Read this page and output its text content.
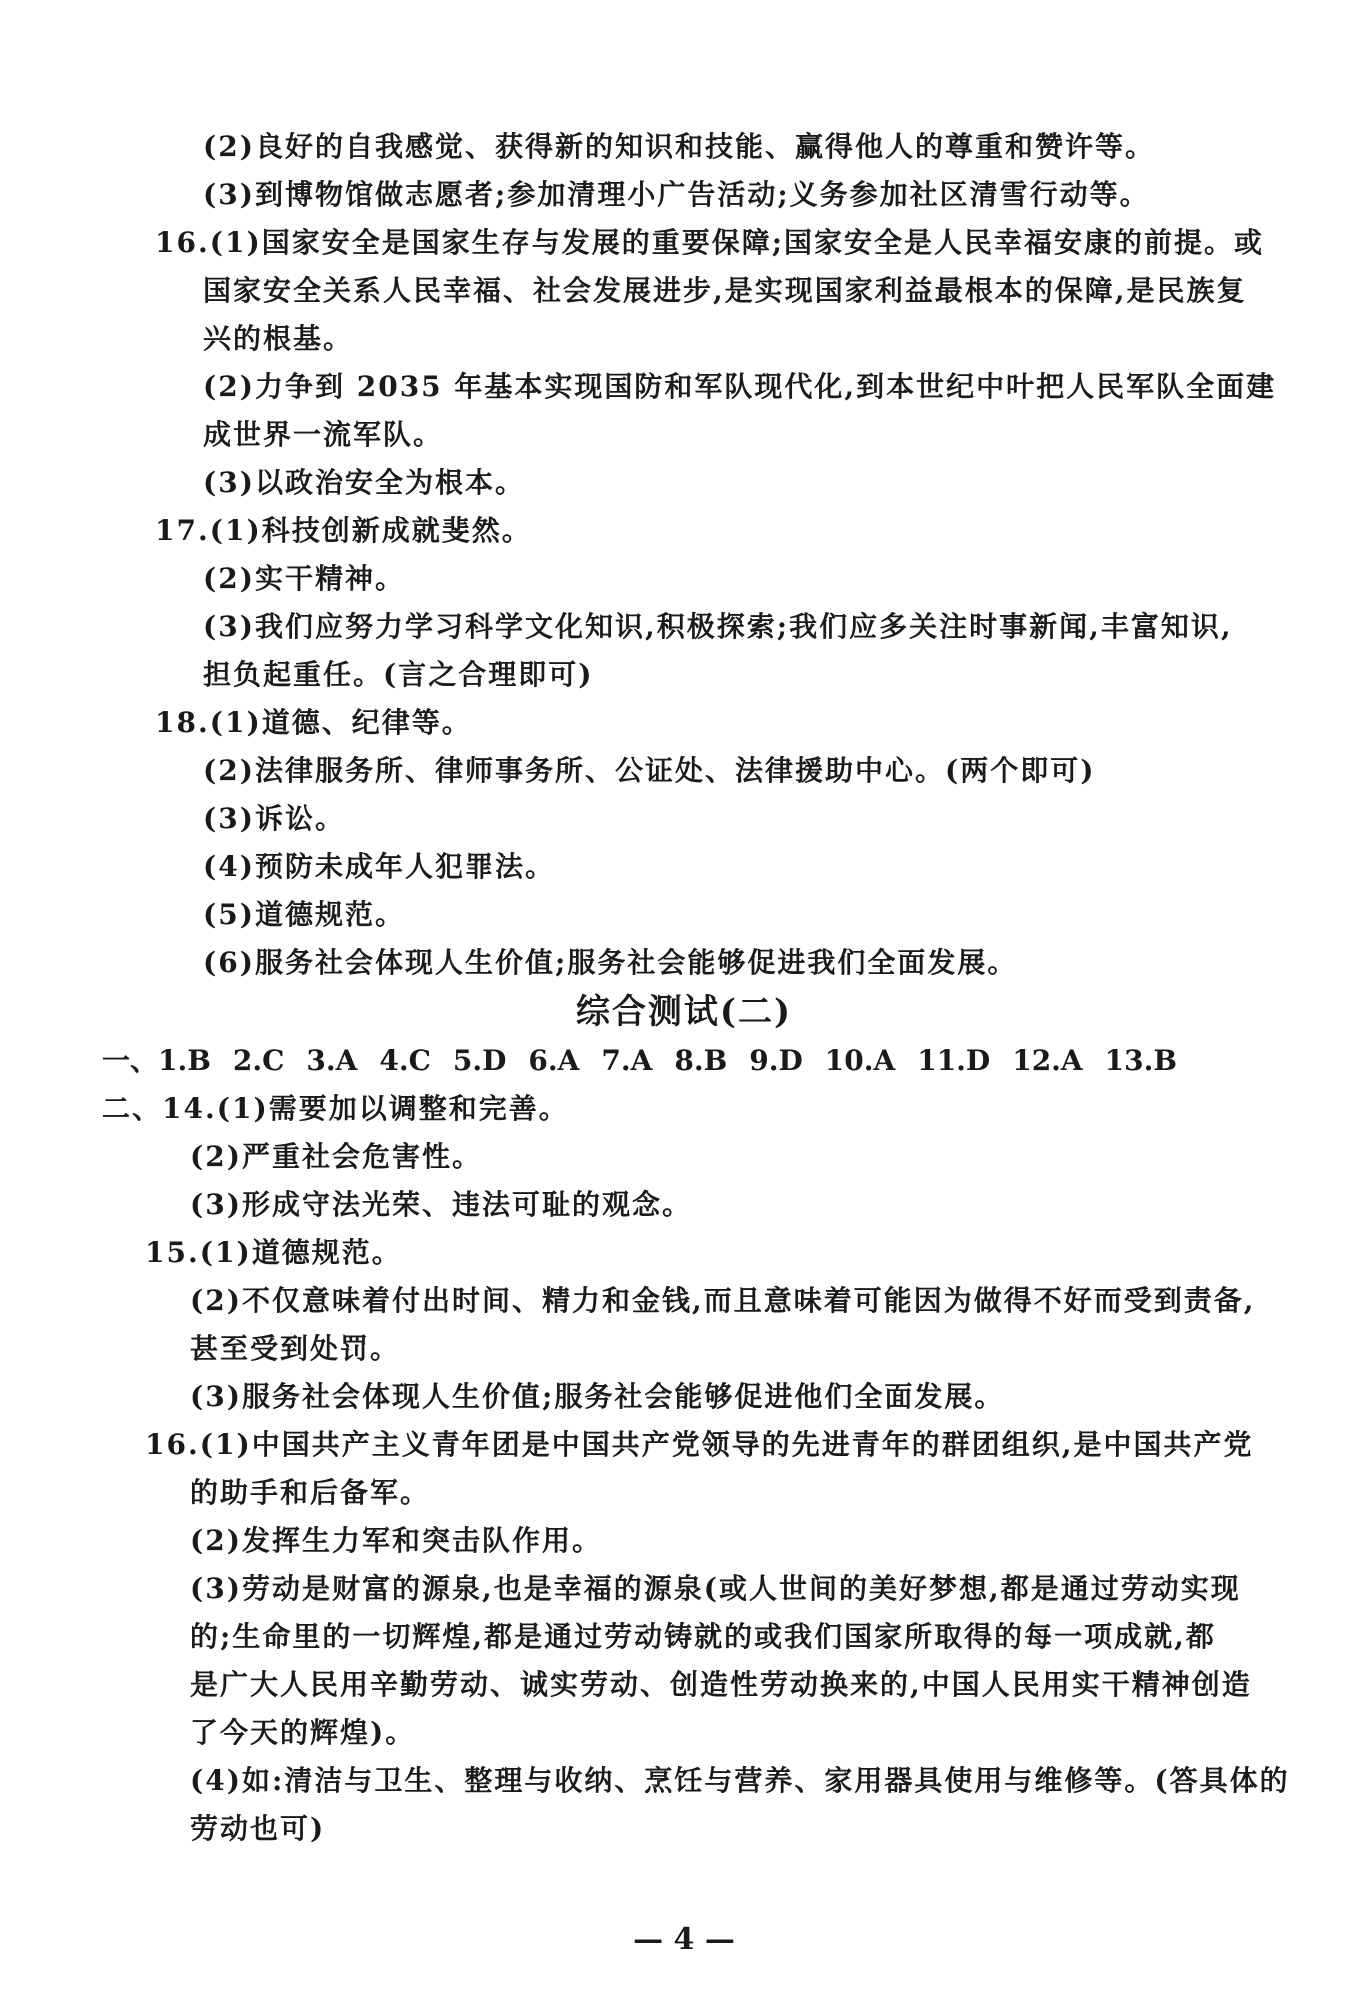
(2)良好的自我感觉、获得新的知识和技能、赢得他人的尊重和赞许等。
(3)到博物馆做志愿者;参加清理小广告活动;义务参加社区清雪行动等。
16.(1)国家安全是国家生存与发展的重要保障;国家安全是人民幸福安康的前提。或
国家安全关系人民幸福、社会发展进步,是实现国家利益最根本的保障,是民族复
兴的根基。
(2)力争到 2035 年基本实现国防和军队现代化,到本世纪中叶把人民军队全面建
成世界一流军队。
(3)以政治安全为根本。
17.(1)科技创新成就斐然。
(2)实干精神。
(3)我们应努力学习科学文化知识,积极探索;我们应多关注时事新闻,丰富知识,
担负起重任。(言之合理即可)
18.(1)道德、纪律等。
(2)法律服务所、律师事务所、公证处、法律援助中心。(两个即可)
(3)诉讼。
(4)预防未成年人犯罪法。
(5)道德规范。
(6)服务社会体现人生价值;服务社会能够促进我们全面发展。
综合测试(二)
一、1.B 2.C 3.A 4.C 5.D 6.A 7.A 8.B 9.D 10.A 11.D 12.A 13.B
二、14.(1)需要加以调整和完善。
(2)严重社会危害性。
(3)形成守法光荣、违法可耻的观念。
15.(1)道德规范。
(2)不仅意味着付出时间、精力和金钱,而且意味着可能因为做得不好而受到责备,
甚至受到处罚。
(3)服务社会体现人生价值;服务社会能够促进他们全面发展。
16.(1)中国共产主义青年团是中国共产党领导的先进青年的群团组织,是中国共产党
的助手和后备军。
(2)发挥生力军和突击队作用。
(3)劳动是财富的源泉,也是幸福的源泉(或人世间的美好梦想,都是通过劳动实现
的;生命里的一切辉煌,都是通过劳动铸就的或我们国家所取得的每一项成就,都
是广大人民用辛勤劳动、诚实劳动、创造性劳动换来的,中国人民用实干精神创造
了今天的辉煌)。
(4)如:清洁与卫生、整理与收纳、烹饪与营养、家用器具使用与维修等。(答具体的
劳动也可)
— 4 —
